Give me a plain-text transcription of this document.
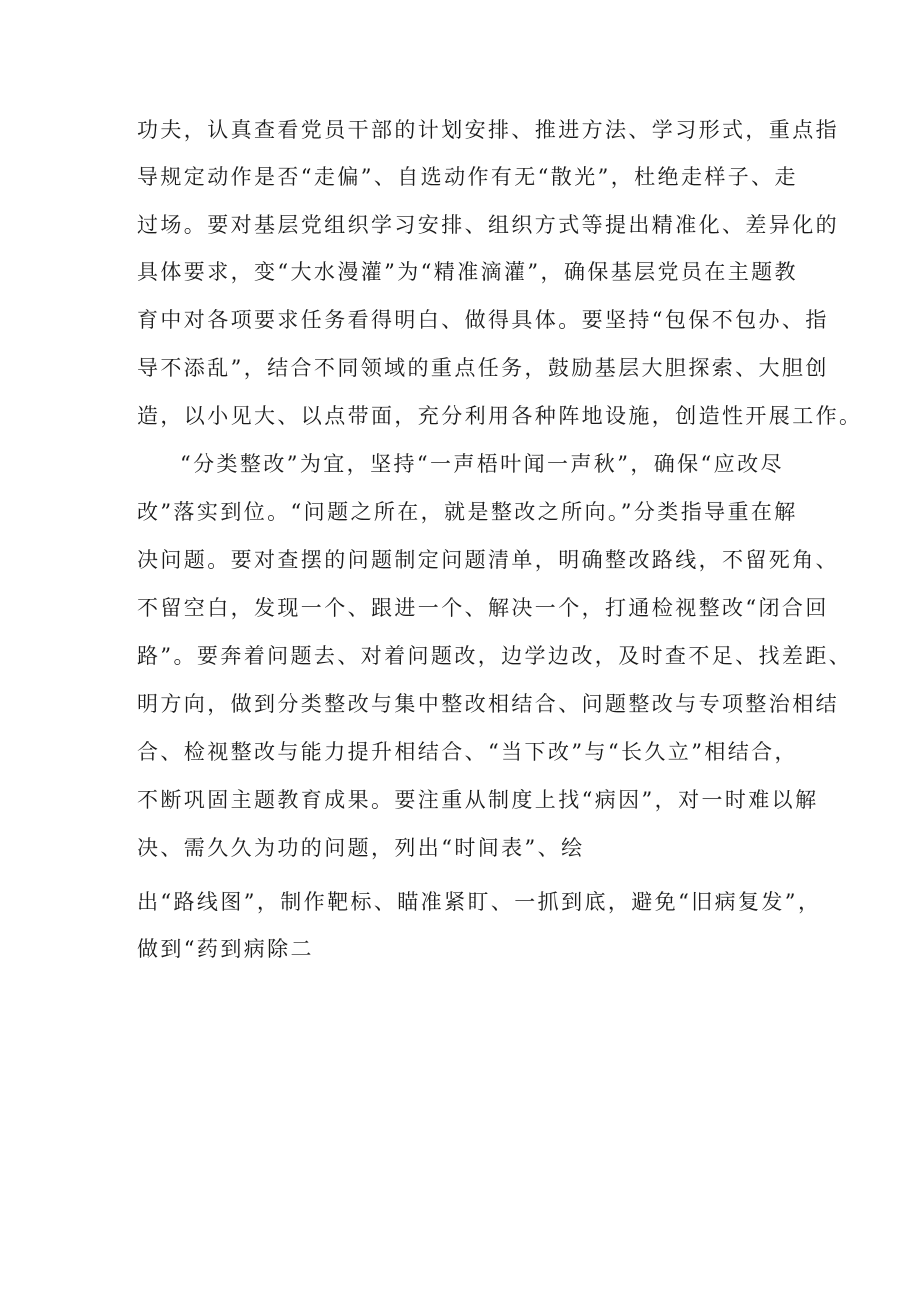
功夫，认真查看党员干部的计划安排、推进方法、学习形式，重点指
导规定动作是否“走偏”、自选动作有无“散光”，杜绝走样子、走
过场。要对基层党组织学习安排、组织方式等提出精准化、差异化的
具体要求，变“大水漫灌”为“精准滴灌”，确保基层党员在主题教
育中对各项要求任务看得明白、做得具体。要坚持“包保不包办、指
导不添乱”，结合不同领域的重点任务，鼓励基层大胆探索、大胆创
造，以小见大、以点带面，充分利用各种阵地设施，创造性开展工作。
“分类整改”为宜，坚持“一声梧叶闻一声秋”，确保“应改尽
改”落实到位。“问题之所在，就是整改之所向。”分类指导重在解
决问题。要对查摆的问题制定问题清单，明确整改路线，不留死角、
不留空白，发现一个、跟进一个、解决一个，打通检视整改“闭合回
路”。要奔着问题去、对着问题改，边学边改，及时查不足、找差距、
明方向，做到分类整改与集中整改相结合、问题整改与专项整治相结
合、检视整改与能力提升相结合、“当下改”与“长久立”相结合，
不断巩固主题教育成果。要注重从制度上找“病因”，对一时难以解
决、需久久为功的问题，列出“时间表”、绘
出“路线图”，制作靶标、瞄准紧盯、一抓到底，避免“旧病复发”，
做到“药到病除二
